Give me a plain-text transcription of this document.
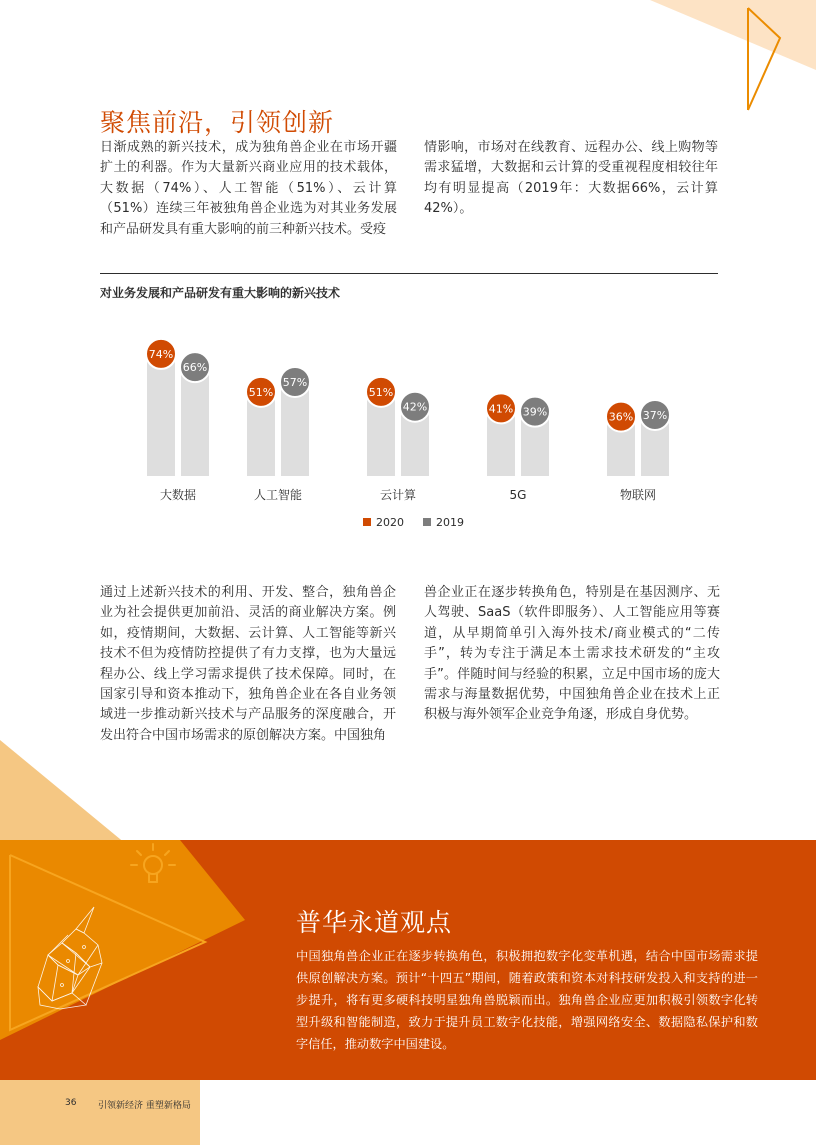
聚焦前沿，引领创新

日渐成熟的新兴技术，成为独角兽企业在市场开疆扩土的利器。作为大量新兴商业应用的技术载体，大数据（74%）、人工智能（51%）、云计算（51%）连续三年被独角兽企业选为对其业务发展和产品研发具有重大影响的前三种新兴技术。受疫

情影响，市场对在线教育、远程办公、线上购物等需求猛增，大数据和云计算的受重视程度相较往年均有明显提高（2019年：大数据66%，云计算42%）。

对业务发展和产品研发有重大影响的新兴技术
74%
66%
大数据
51%
57%
人工智能
51%
42%
云计算
41% 39%
5G
36% 37%
物联网
2020	2019

通过上述新兴技术的利用、开发、整合，独角兽企业为社会提供更加前沿、灵活的商业解决方案。例如，疫情期间，大数据、云计算、人工智能等新兴技术不但为疫情防控提供了有力支撑，也为大量远程办公、线上学习需求提供了技术保障。同时，在国家引导和资本推动下，独角兽企业在各自业务领域进一步推动新兴技术与产品服务的深度融合，开发出符合中国市场需求的原创解决方案。中国独角

兽企业正在逐步转换角色，特别是在基因测序、无人驾驶、SaaS（软件即服务）、人工智能应用等赛道，从早期简单引入海外技术/商业模式的“二传手”，转为专注于满足本土需求技术研发的“主攻手”。伴随时间与经验的积累，立足中国市场的庞大需求与海量数据优势，中国独角兽企业在技术上正积极与海外领军企业竞争角逐，形成自身优势。

普华永道观点

中国独角兽企业正在逐步转换角色，积极拥抱数字化变革机遇，结合中国市场需求提供原创解决方案。预计“十四五”期间，随着政策和资本对科技研发投入和支持的进一步提升，将有更多硬科技明星独角兽脱颖而出。独角兽企业应更加积极引领数字化转型升级和智能制造，致力于提升员工数字化技能，增强网络安全、数据隐私保护和数字信任，推动数字中国建设。

36 引领新经济 重塑新格局
